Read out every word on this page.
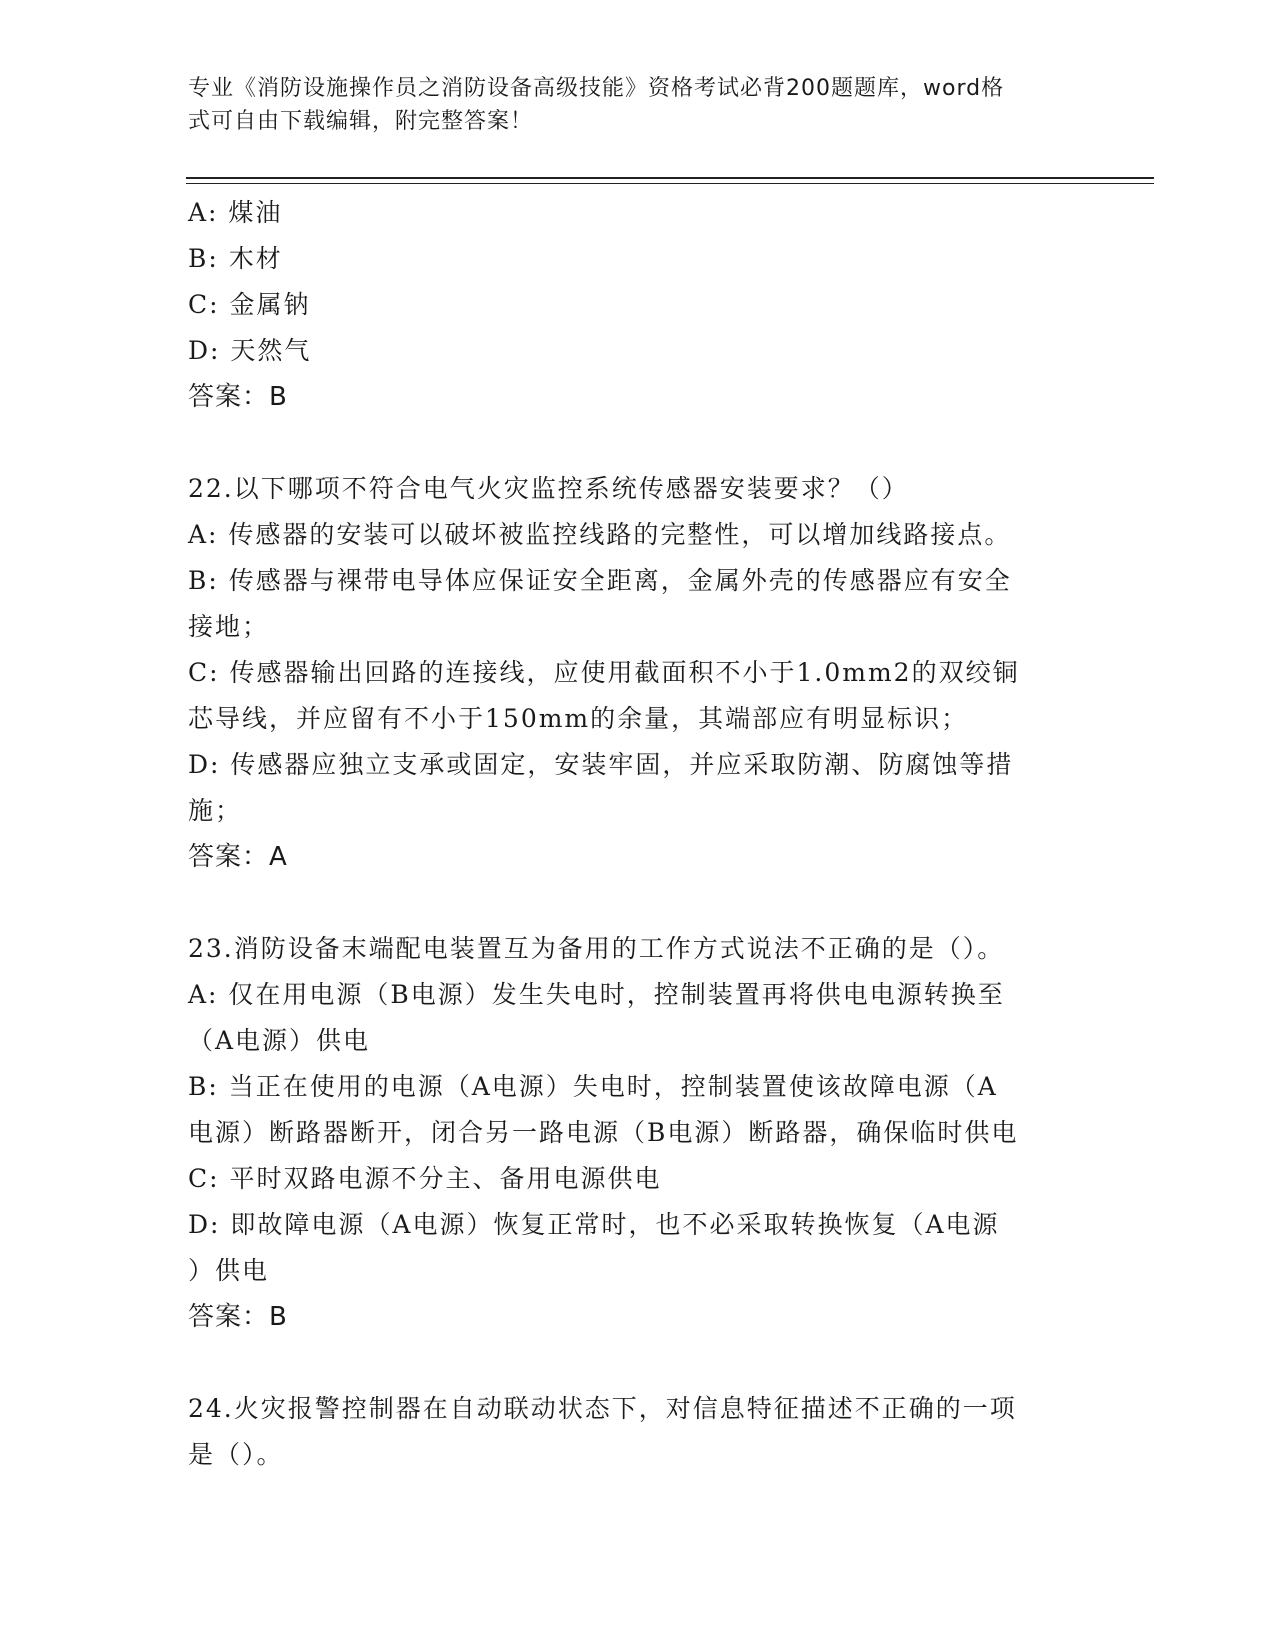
专业《消防设施操作员之消防设备高级技能》资格考试必背200题题库，word格
式可自由下载编辑，附完整答案！
A: 煤油
B: 木材
C: 金属钠
D: 天然气
答案：B
22.以下哪项不符合电气火灾监控系统传感器安装要求？（）
A: 传感器的安装可以破坏被监控线路的完整性，可以增加线路接点。
B: 传感器与裸带电导体应保证安全距离，金属外壳的传感器应有安全
接地；
C: 传感器输出回路的连接线，应使用截面积不小于1.0mm2的双绞铜
芯导线，并应留有不小于150mm的余量，其端部应有明显标识；
D: 传感器应独立支承或固定，安装牢固，并应采取防潮、防腐蚀等措
施；
答案：A
23.消防设备末端配电装置互为备用的工作方式说法不正确的是（）。
A: 仅在用电源（B电源）发生失电时，控制装置再将供电电源转换至
（A电源）供电
B: 当正在使用的电源（A电源）失电时，控制装置使该故障电源（A
电源）断路器断开，闭合另一路电源（B电源）断路器，确保临时供电
C: 平时双路电源不分主、备用电源供电
D: 即故障电源（A电源）恢复正常时，也不必采取转换恢复（A电源
）供电
答案：B
24.火灾报警控制器在自动联动状态下，对信息特征描述不正确的一项
是（）。
